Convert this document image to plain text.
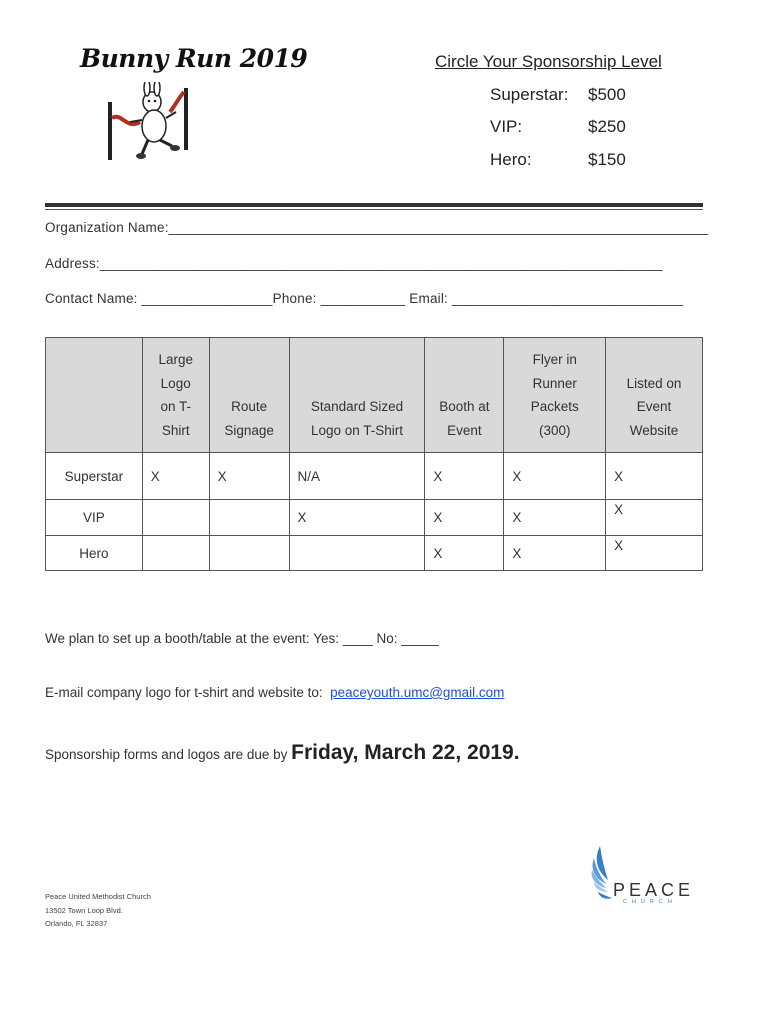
Bunny Run 2019	Circle Your Sponsorship Level
Superstar: $500
VIP:	$250
Hero:	$150
Organization Name:______________________________________________________________________
Address:_________________________________________________________________________
Contact Name: _________________Phone: ___________ Email: ______________________________

	Large Logo on T-Shirt	Route Signage	Standard Sized Logo on T-Shirt	Booth at Event	Flyer in Runner Packets (300)	Listed on Event Website

Superstar	X	X	N/A	X	X	X
VIP			X	X	X	X
Hero				X	X	X
We plan to set up a booth/table at the event: Yes: ____ No: _____
E-mail company logo for t-shirt and website to: peaceyouth.umc@gmail.com
Sponsorship forms and logos are due by Friday, March 22, 2019.
Peace United Methodist Church
13502 Town Loop Blvd.
Orlando, FL 32837
PEACE
CHURCH
